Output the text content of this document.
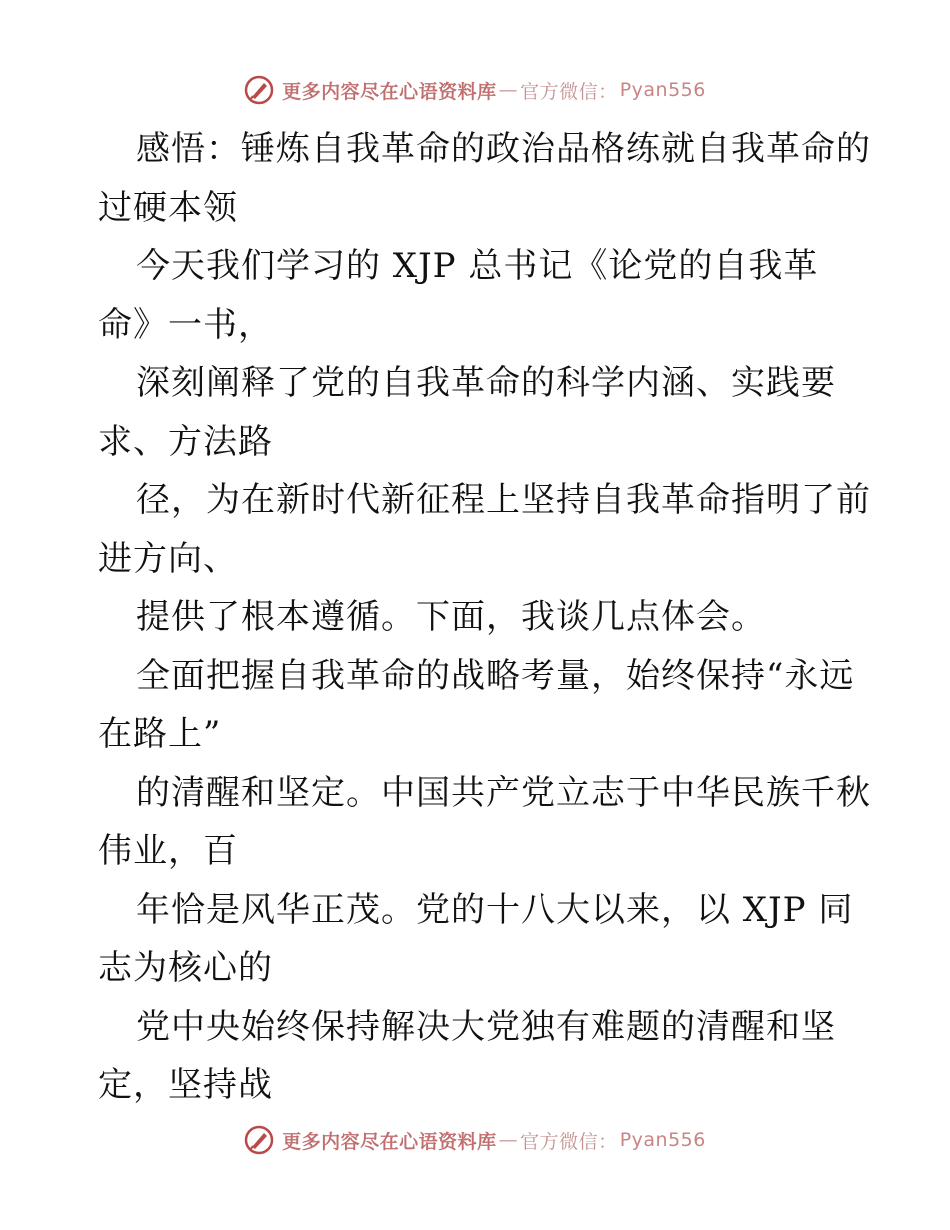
更多内容尽在心语资料库 — 官方微信： Pyan556
感悟：锤炼自我革命的政治品格练就自我革命的
过硬本领
今天我们学习的 XJP 总书记《论党的自我革
命》一书，
深刻阐释了党的自我革命的科学内涵、实践要
求、方法路
径，为在新时代新征程上坚持自我革命指明了前
进方向、
提供了根本遵循。下面，我谈几点体会。
全面把握自我革命的战略考量，始终保持“永远
在路上”
的清醒和坚定。中国共产党立志于中华民族千秋
伟业，百
年恰是风华正茂。党的十八大以来，以 XJP 同
志为核心的
党中央始终保持解决大党独有难题的清醒和坚
定，坚持战
更多内容尽在心语资料库 — 官方微信： Pyan556
